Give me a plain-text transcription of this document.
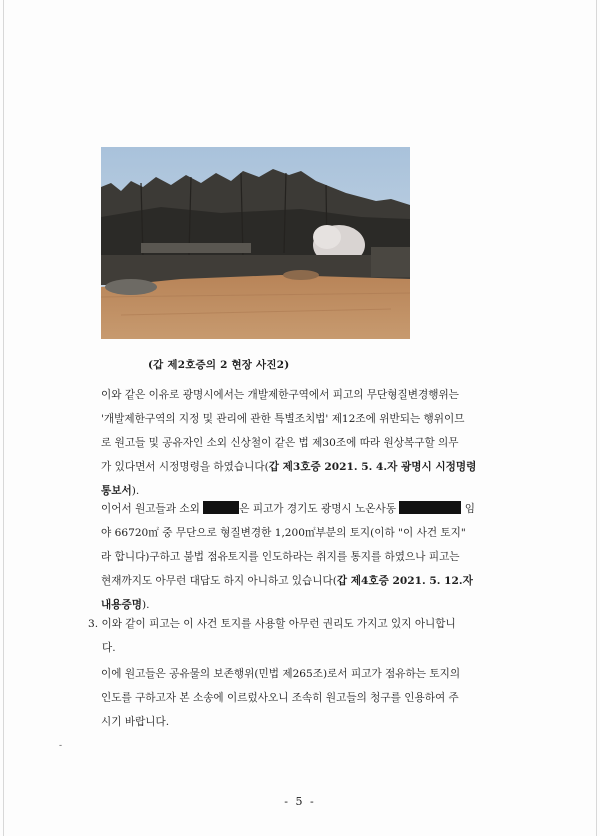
(갑 제2호증의 2 현장 사진2)
이와 같은 이유로 광명시에서는 개발제한구역에서 피고의 무단형질변경행위는
'개발제한구역의 지정 및 관리에 관한 특별조치법' 제12조에 위반되는 행위이므
로 원고들 및 공유자인 소외 신상철이 같은 법 제30조에 따라 원상복구할 의무
가 있다면서 시정명령을 하였습니다(갑 제3호증 2021. 5. 4.자 광명시 시정명령
통보서).
이어서 원고들과 소외	은 피고가 경기도 광명시 노온사동	임
야 66720㎡ 중 무단으로 형질변경한 1,200㎡부분의 토지(이하 "이 사건 토지"
라 합니다)구하고 불법 점유토지를 인도하라는 취지를 통지를 하였으나 피고는
현재까지도 아무런 대답도 하지 아니하고 있습니다(갑 제4호증 2021. 5. 12.자
내용증명).
3. 이와 같이 피고는 이 사건 토지를 사용할 아무런 권리도 가지고 있지 아니합니
다.
이에 원고들은 공유물의 보존행위(민법 제265조)로서 피고가 점유하는 토지의
인도를 구하고자 본 소송에 이르렀사오니 조속히 원고들의 청구를 인용하여 주
시기 바랍니다.
-
- 5 -
